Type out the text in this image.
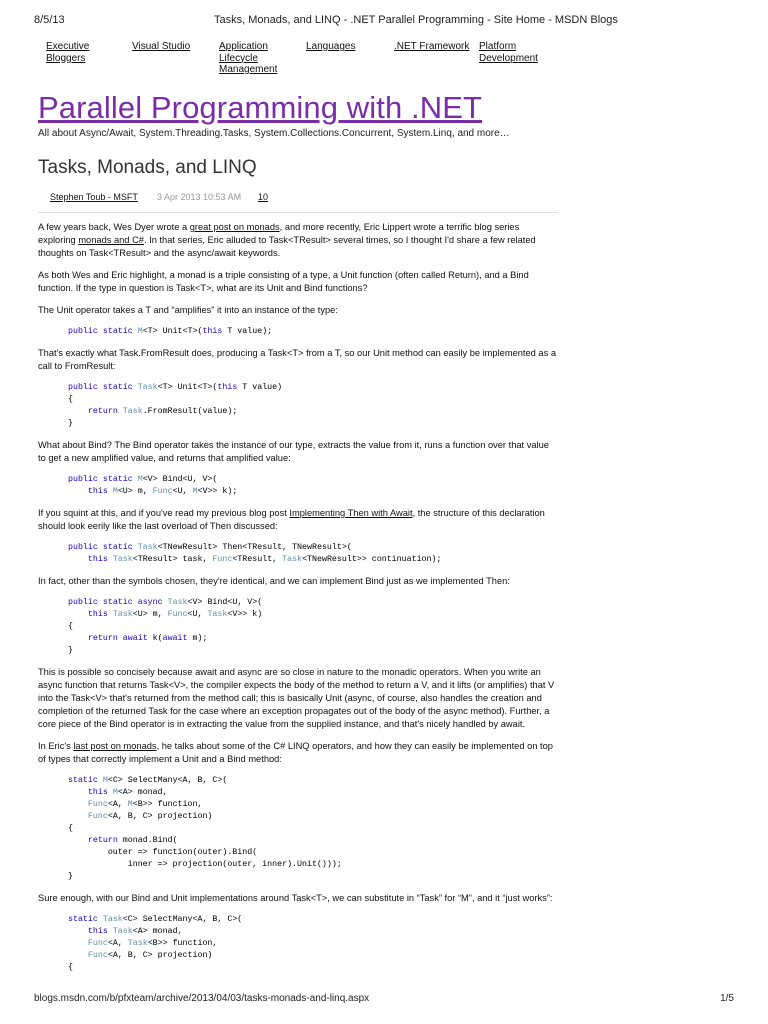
8/5/13	Tasks, Monads, and LINQ - .NET Parallel Programming - Site Home - MSDN Blogs
Executive Bloggers
Visual Studio	Application Lifecycle Management
Languages	.NET Framework Platform Development
Parallel Programming with .NET
All about Async/Await, System.Threading.Tasks, System.Collections.Concurrent, System.Linq, and more…
Tasks, Monads, and LINQ
Stephen Toub - MSFT 3 Apr 2013 10:53 AM 10

A few years back, Wes Dyer wrote a great post on monads, and more recently, Eric Lippert wrote a terrific blog series exploring monads and C#. In that series, Eric alluded to Task<TResult> several times, so I thought I'd share a few related thoughts on Task<TResult> and the async/await keywords.

As both Wes and Eric highlight, a monad is a triple consisting of a type, a Unit function (often called Return), and a Bind function. If the type in question is Task<T>, what are its Unit and Bind functions?

The Unit operator takes a T and “amplifies” it into an instance of the type:

public static M<T> Unit<T>(this T value);

That's exactly what Task.FromResult does, producing a Task<T> from a T, so our Unit method can easily be implemented as a call to FromResult:

public static Task<T> Unit<T>(this T value)
{
return Task.FromResult(value);
}

What about Bind? The Bind operator takes the instance of our type, extracts the value from it, runs a function over that value to get a new amplified value, and returns that amplified value:

public static M<V> Bind<U, V>(
this M<U> m, Func<U, M<V>> k);

If you squint at this, and if you've read my previous blog post Implementing Then with Await, the structure of this declaration should look eerily like the last overload of Then discussed:

public static Task<TNewResult> Then<TResult, TNewResult>(
this Task<TResult> task, Func<TResult, Task<TNewResult>> continuation);

In fact, other than the symbols chosen, they're identical, and we can implement Bind just as we implemented Then:

public static async Task<V> Bind<U, V>(
this Task<U> m, Func<U, Task<V>> k)
{
return await k(await m);
}

This is possible so concisely because await and async are so close in nature to the monadic operators. When you write an async function that returns Task<V>, the compiler expects the body of the method to return a V, and it lifts (or amplifies) that V into the Task<V> that's returned from the method call; this is basically Unit (async, of course, also handles the creation and completion of the returned Task for the case where an exception propagates out of the body of the async method). Further, a core piece of the Bind operator is in extracting the value from the supplied instance, and that's nicely handled by await.

In Eric's last post on monads, he talks about some of the C# LINQ operators, and how they can easily be implemented on top of types that correctly implement a Unit and a Bind method:

static M<C> SelectMany<A, B, C>(
this M<A> monad,
Func<A, M<B>> function,
Func<A, B, C> projection)
{
return monad.Bind(
outer => function(outer).Bind(
inner => projection(outer, inner).Unit()));
}

Sure enough, with our Bind and Unit implementations around Task<T>, we can substitute in “Task” for “M”, and it “just works”:

static Task<C> SelectMany<A, B, C>(
this Task<A> monad,
Func<A, Task<B>> function,
Func<A, B, C> projection)
{
blogs.msdn.com/b/pfxteam/archive/2013/04/03/tasks-monads-and-linq.aspx	1/5
